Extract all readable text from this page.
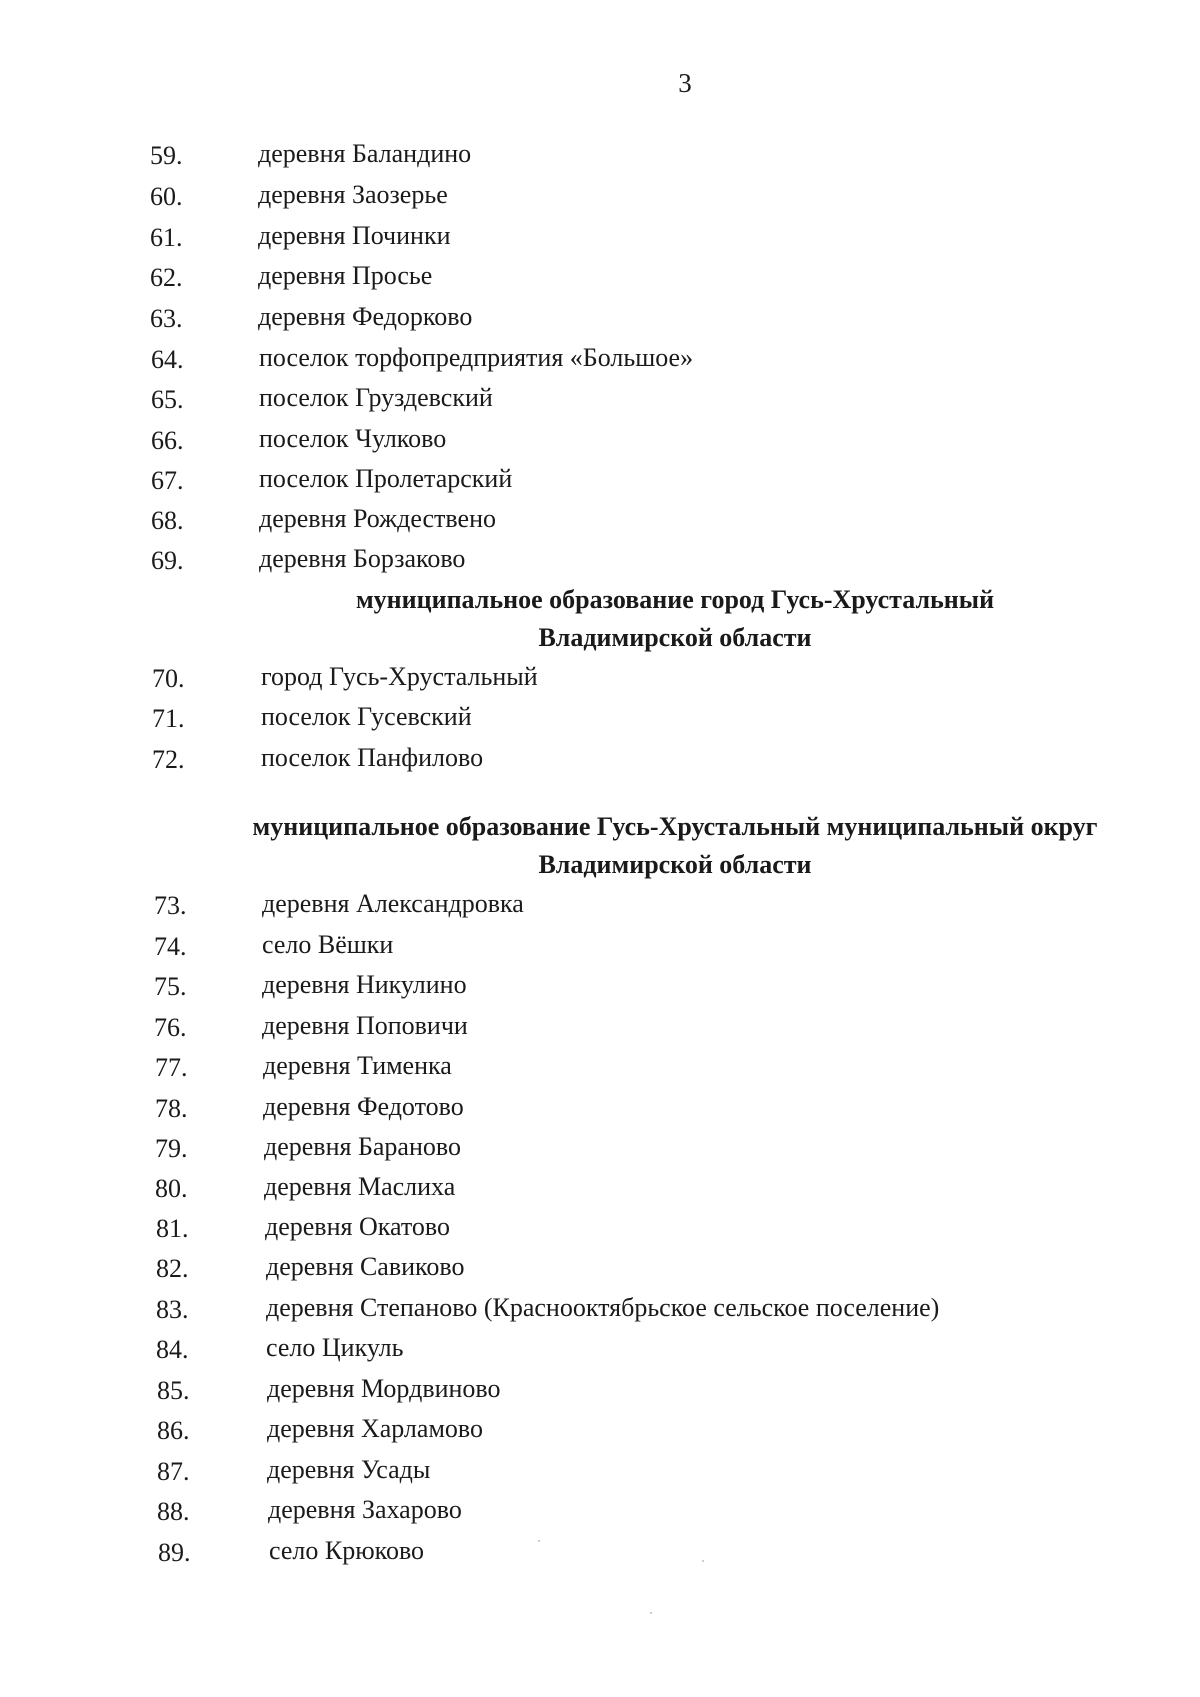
3
59.	деревня Баландино
60.	деревня Заозерье
61.	деревня Починки
62.	деревня Просье
63.	деревня Федорково
64.	поселок торфопредприятия «Большое»
65.	поселок Груздевский
66.	поселок Чулково
67.	поселок Пролетарский
68.	деревня Рождествено
69.	деревня Борзаково
муниципальное образование город Гусь-Хрустальный
Владимирской области
70.	город Гусь-Хрустальный
71.	поселок Гусевский
72.	поселок Панфилово
муниципальное образование Гусь-Хрустальный муниципальный округ
Владимирской области
73.	деревня Александровка
74.	село Вёшки
75.	деревня Никулино
76.	деревня Поповичи
77.	деревня Тименка
78.	деревня Федотово
79.	деревня Бараново
80.	деревня Маслиха
81.	деревня Окатово
82.	деревня Савиково
83.	деревня Степаново (Краснооктябрьское сельское поселение)
84.	село Цикуль
85.	деревня Мордвиново
86.	деревня Харламово
87.	деревня Усады
88.	деревня Захарово
89.	село Крюково
